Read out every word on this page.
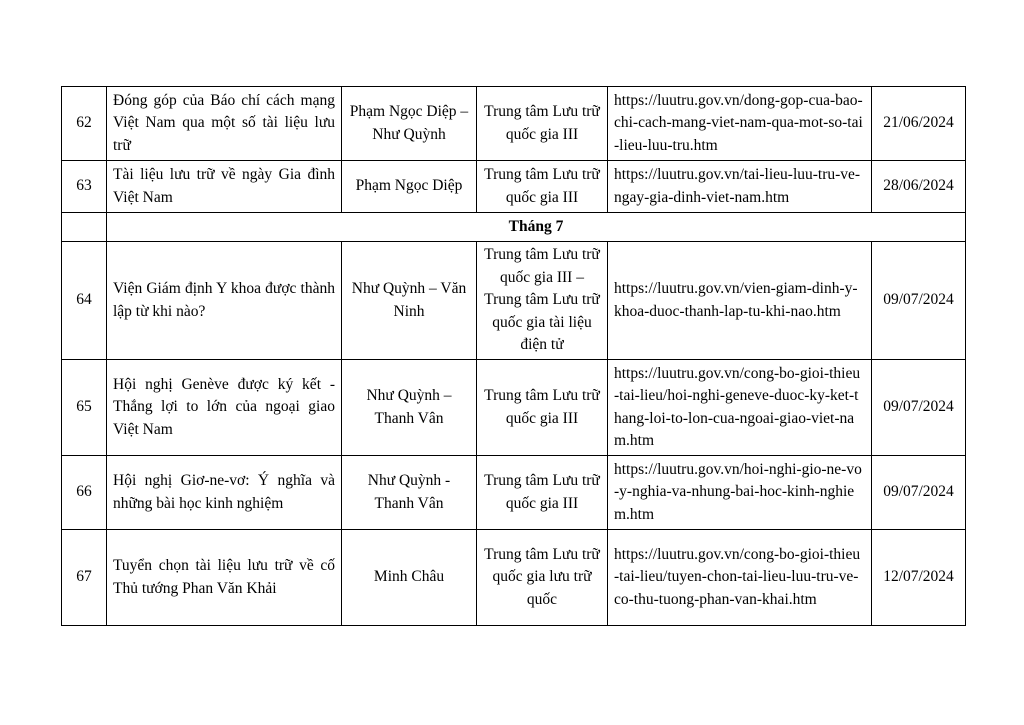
62	Đóng góp của Báo chí cách mạng Việt Nam qua một số tài liệu lưu trữ	Phạm Ngọc Diệp – Như Quỳnh	Trung tâm Lưu trữ quốc gia III	https://luutru.gov.vn/dong-gop-cua-bao-chi-cach-mang-viet-nam-qua-mot-so-tai-lieu-luu-tru.htm	21/06/2024
63	Tài liệu lưu trữ về ngày Gia đình Việt Nam	Phạm Ngọc Diệp	Trung tâm Lưu trữ quốc gia III	https://luutru.gov.vn/tai-lieu-luu-tru-ve-ngay-gia-dinh-viet-nam.htm	28/06/2024
	Tháng 7				
64	Viện Giám định Y khoa được thành lập từ khi nào?	Như Quỳnh – Văn Ninh	Trung tâm Lưu trữ quốc gia III – Trung tâm Lưu trữ quốc gia tài liệu điện tử	https://luutru.gov.vn/vien-giam-dinh-y-khoa-duoc-thanh-lap-tu-khi-nao.htm	09/07/2024
65	Hội nghị Genève được ký kết - Thắng lợi to lớn của ngoại giao Việt Nam	Như Quỳnh – Thanh Vân	Trung tâm Lưu trữ quốc gia III	https://luutru.gov.vn/cong-bo-gioi-thieu-tai-lieu/hoi-nghi-geneve-duoc-ky-ket-thang-loi-to-lon-cua-ngoai-giao-viet-nam.htm	09/07/2024
66	Hội nghị Giơ-ne-vơ: Ý nghĩa và những bài học kinh nghiệm	Như Quỳnh - Thanh Vân	Trung tâm Lưu trữ quốc gia III	https://luutru.gov.vn/hoi-nghi-gio-ne-vo-y-nghia-va-nhung-bai-hoc-kinh-nghiem.htm	09/07/2024
67	Tuyển chọn tài liệu lưu trữ về cố Thủ tướng Phan Văn Khải	Minh Châu	Trung tâm Lưu trữ quốc gia lưu trữ quốc	https://luutru.gov.vn/cong-bo-gioi-thieu-tai-lieu/tuyen-chon-tai-lieu-luu-tru-ve-co-thu-tuong-phan-van-khai.htm	12/07/2024
